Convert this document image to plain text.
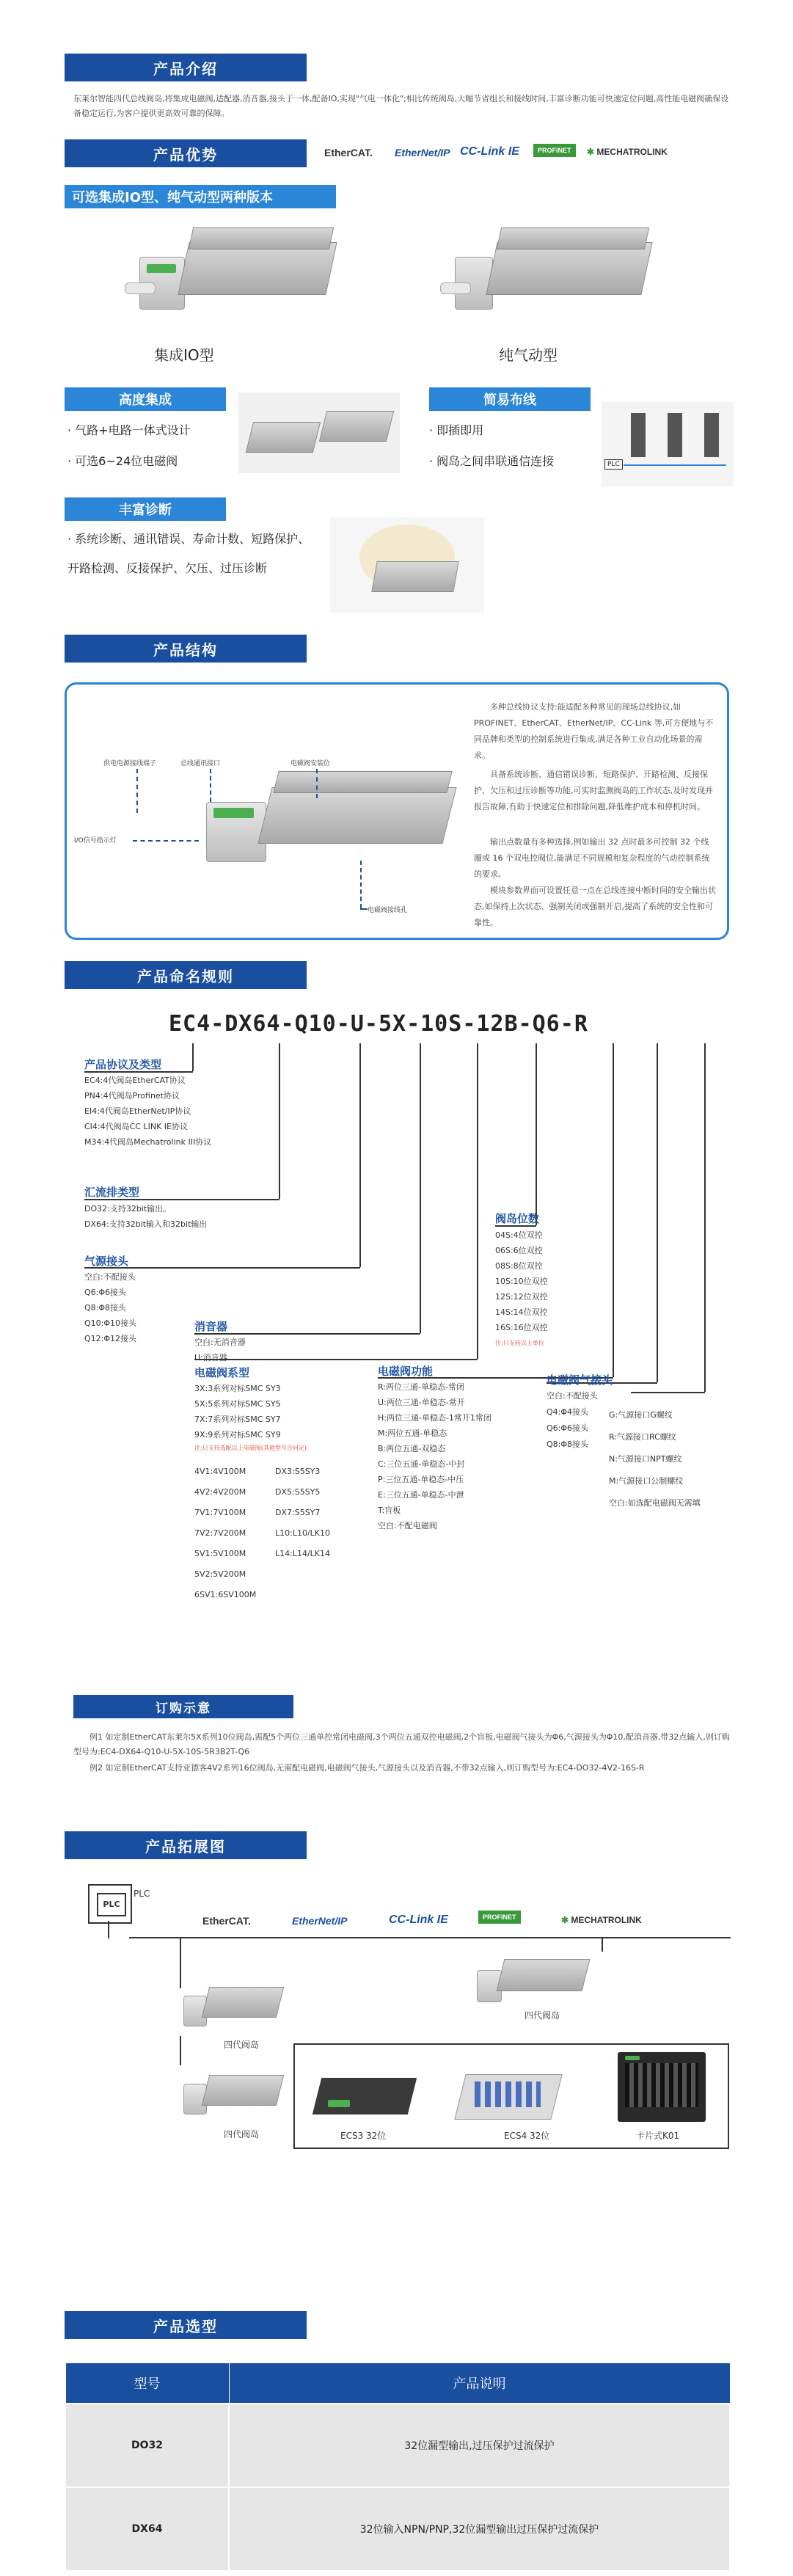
产品介绍
东莱尔智能四代总线阀岛,将集成电磁阀,适配器,消音器,接头于一体,配备IO,实现"气电一体化";相比传统阀岛,大幅节省组长和接线时间,丰富诊断功能可快速定位问题,高性能电磁阀确保设备稳定运行,为客户提供更高效可靠的保障。
产品优势	EtherCAT. EtherNet/IP CC-Link IE	PROFINET	✱ MECHATROLINK
可选集成IO型、纯气动型两种版本
集成IO型	纯气动型
高度集成
· 气路+电路一体式设计
· 可选6~24位电磁阀
简易布线
· 即插即用
· 阀岛之间串联通信连接	PLC
丰富诊断
· 系统诊断、通讯错误、寿命计数、短路保护、
开路检测、反接保护、欠压、过压诊断
产品结构
供电电源接线端子	总线通讯接口	电磁阀安装位
I/O信号指示灯
电磁阀接线孔
多种总线协议支持:能适配多种常见的现场总线协议,如 PROFINET、EtherCAT、EtherNet/IP、CC-Link 等,可方便地与不同品牌和类型的控制系统进行集成,满足各种工业自动化场景的需求。
具备系统诊断、通信错误诊断、短路保护、开路检测、反接保护、欠压和过压诊断等功能,可实时监测阀岛的工作状态,及时发现并报告故障,有助于快速定位和排除问题,降低维护成本和停机时间。
输出点数量有多种选择,例如输出 32 点时最多可控制 32 个线圈或 16 个双电控阀位,能满足不同规模和复杂程度的气动控制系统的要求。
模块参数界面可设置任意一点在总线连接中断时间的安全输出状态,如保持上次状态、强制关闭或强制开启,提高了系统的安全性和可靠性。
产品命名规则
EC4-DX64-Q10-U-5X-10S-12B-Q6-R
产品协议及类型
EC4:4代阀岛EtherCAT协议
PN4:4代阀岛Profinet协议
EI4:4代阀岛EtherNet/IP协议
CI4:4代阀岛CC LINK IE协议
M34:4代阀岛Mechatrolink III协议
汇流排类型
DO32:支持32bit输出。
DX64:支持32bit输入和32bit输出
气源接头
空白:不配接头
Q6:Φ6接头
Q8:Φ8接头
Q10:Φ10接头
Q12:Φ12接头
消音器
空白:无消音器
U:消音器
电磁阀系型
3X:3系列对标SMC SY3
5X:5系列对标SMC SY5
7X:7系列对标SMC SY7
9X:9系列对标SMC SY9
注:只支持选配以上电磁阀(其他型号合同定)
4V1:4V100M
4V2:4V200M
7V1:7V100M
7V2:7V200M
5V1:5V100M
5V2:5V200M
6SV1:6SV100M
DX3:S5SY3
DX5:S5SY5
DX7:S5SY7
L10:L10/LK10
L14:L14/LK14
阀岛位数
04S:4位双控
06S:6位双控
08S:8位双控
10S:10位双控
12S:12位双控
14S:14位双控
16S:16位双控
注:只支持以上单位
电磁阀功能
R:两位三通-单稳态-常闭
U:两位三通-单稳态-常开
H:两位三通-单稳态-1常开1常闭
M:两位五通-单稳态
B:两位五通-双稳态
C:三位五通-单稳态-中封
P:三位五通-单稳态-中压
E:三位五通-单稳态-中泄
T:盲板
空白:不配电磁阀
电磁阀气接头
空白:不配接头
Q4:Φ4接头
Q6:Φ6接头
Q8:Φ8接头
G:气源接口G螺纹
R:气源接口RC螺纹
N:气源接口NPT螺纹
M:气源接口公制螺纹
空白:如选配电磁阀无需填
订购示意
例1 如定制EtherCAT东莱尔5X系列10位阀岛,需配5个两位三通单控常闭电磁阀,3个两位五通双控电磁阀,2个盲板,电磁阀气接头为Φ6,气源接头为Φ10,配消音器,带32点输入,则订购型号为:EC4-DX64-Q10-U-5X-10S-5R3B2T-Q6
例2 如定制EtherCAT支持亚德客4V2系列16位阀岛,无需配电磁阀,电磁阀气接头,气源接头以及消音器,不带32点输入,则订购型号为:EC4-DO32-4V2-16S-R
产品拓展图
PLC
PLC
EtherCAT.	EtherNet/IP	CC-Link IE	PROFINET	✱ MECHATROLINK
四代阀岛
四代阀岛
四代阀岛	ECS3 32位	ECS4 32位	卡片式K01
产品选型
型号	产品说明
DO32	32位漏型输出,过压保护过流保护
DX64	32位输入NPN/PNP,32位漏型输出过压保护过流保护
